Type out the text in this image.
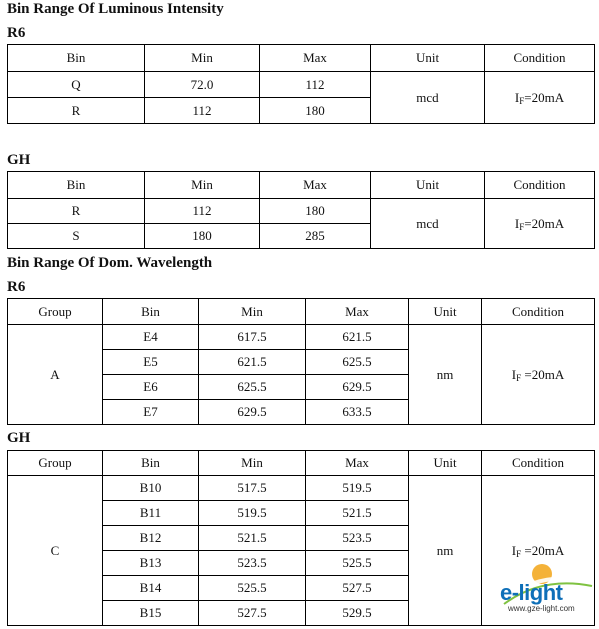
Bin Range Of Luminous Intensity
R6
Bin	Min	Max	Unit	Condition
Q	72.0	112	mcd	$I_F=20mA$
R	112	180		
GH
Bin	Min	Max	Unit	Condition
R	112	180	mcd	$I_F=20mA$
S	180	285		
Bin Range Of Dom. Wavelength
R6
Group	Bin	Min	Max	Unit	Condition
A	E4	617.5	621.5	nm	$I_F =20mA$
	E5	621.5	625.5		
	E6	625.5	629.5		
	E7	629.5	633.5		
GH
Group	Bin	Min	Max	Unit	Condition
C	B10	517.5	519.5	nm	$I_F =20mA$
	B11	519.5	521.5		
	B12	521.5	523.5		
	B13	523.5	525.5		
	B14	525.5	527.5		
	B15	527.5	529.5		
e-light
www.gze-light.com
